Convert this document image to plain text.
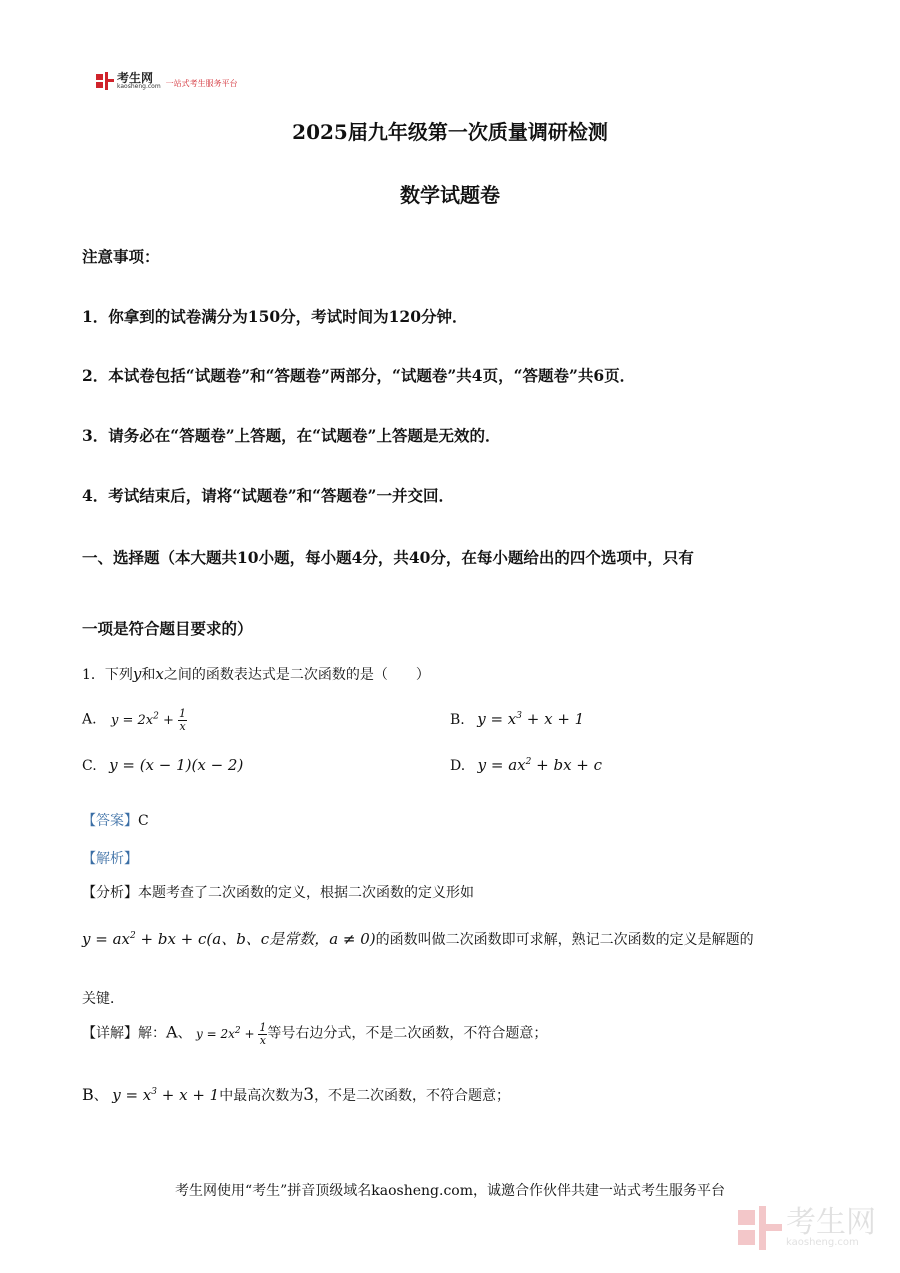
考生网
kaosheng.com 一站式考生服务平台
2025届九年级第一次质量调研检测
数学试题卷
注意事项：
1．你拿到的试卷满分为150分，考试时间为120分钟．
2．本试卷包括“试题卷”和“答题卷”两部分，“试题卷”共4页，“答题卷”共6页．
3．请务必在“答题卷”上答题，在“试题卷”上答题是无效的．
4．考试结束后，请将“试题卷”和“答题卷”一并交回．
一、选择题（本大题共10小题，每小题4分，共40分，在每小题给出的四个选项中，只有
一项是符合题目要求的）
1．下列y和x之间的函数表达式是二次函数的是（　　）
A. $y = 2x^2 + \frac{1}{x}$	B. $y = x^3 + x + 1$
C. y = (x − 1)(x − 2)	D. $y = ax^2$ + bx + c
【答案】C
【解析】
【分析】本题考查了二次函数的定义，根据二次函数的定义形如
$y = ax^2$ + bx + c(a、b、c是常数，a ≠ 0)的函数叫做二次函数即可求解，熟记二次函数的定义是解题的
关键．
【详解】解：A、 $y = 2x^2 + \frac{1}{x}$ 等号右边分式，不是二次函数，不符合题意；
B、 $y = x^3 + x + 1$中最高次数为3，不是二次函数，不符合题意；
考生网使用“考生”拼音顶级域名kaosheng.com，诚邀合作伙伴共建一站式考生服务平台
考生网
kaosheng.com
